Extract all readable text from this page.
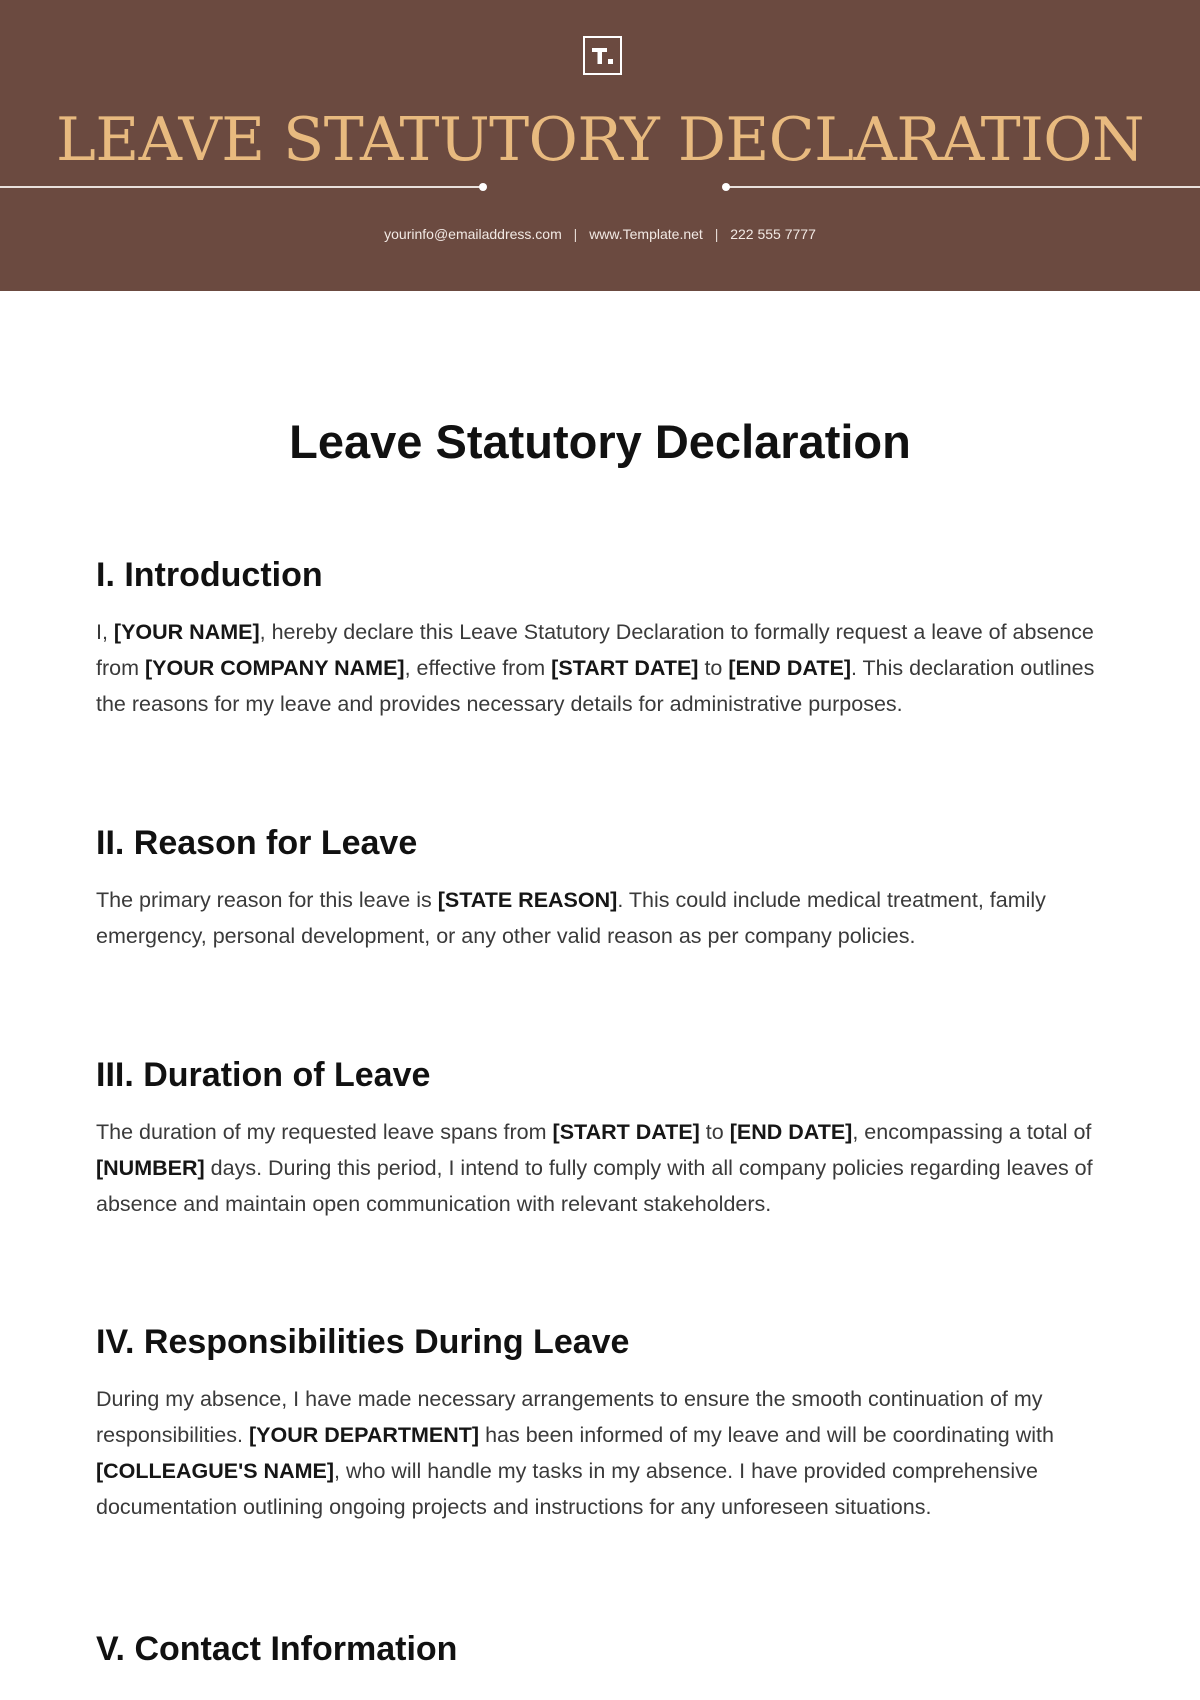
LEAVE STATUTORY DECLARATION
yourinfo@emailaddress.com | www.Template.net | 222 555 7777
Leave Statutory Declaration
I. Introduction

I, [YOUR NAME], hereby declare this Leave Statutory Declaration to formally request a leave of absence from [YOUR COMPANY NAME], effective from [START DATE] to [END DATE]. This declaration outlines the reasons for my leave and provides necessary details for administrative purposes.

II. Reason for Leave

The primary reason for this leave is [STATE REASON]. This could include medical treatment, family emergency, personal development, or any other valid reason as per company policies.

III. Duration of Leave

The duration of my requested leave spans from [START DATE] to [END DATE], encompassing a total of [NUMBER] days. During this period, I intend to fully comply with all company policies regarding leaves of absence and maintain open communication with relevant stakeholders.

IV. Responsibilities During Leave

During my absence, I have made necessary arrangements to ensure the smooth continuation of my responsibilities. [YOUR DEPARTMENT] has been informed of my leave and will be coordinating with [COLLEAGUE'S NAME], who will handle my tasks in my absence. I have provided comprehensive documentation outlining ongoing projects and instructions for any unforeseen situations.

V. Contact Information
